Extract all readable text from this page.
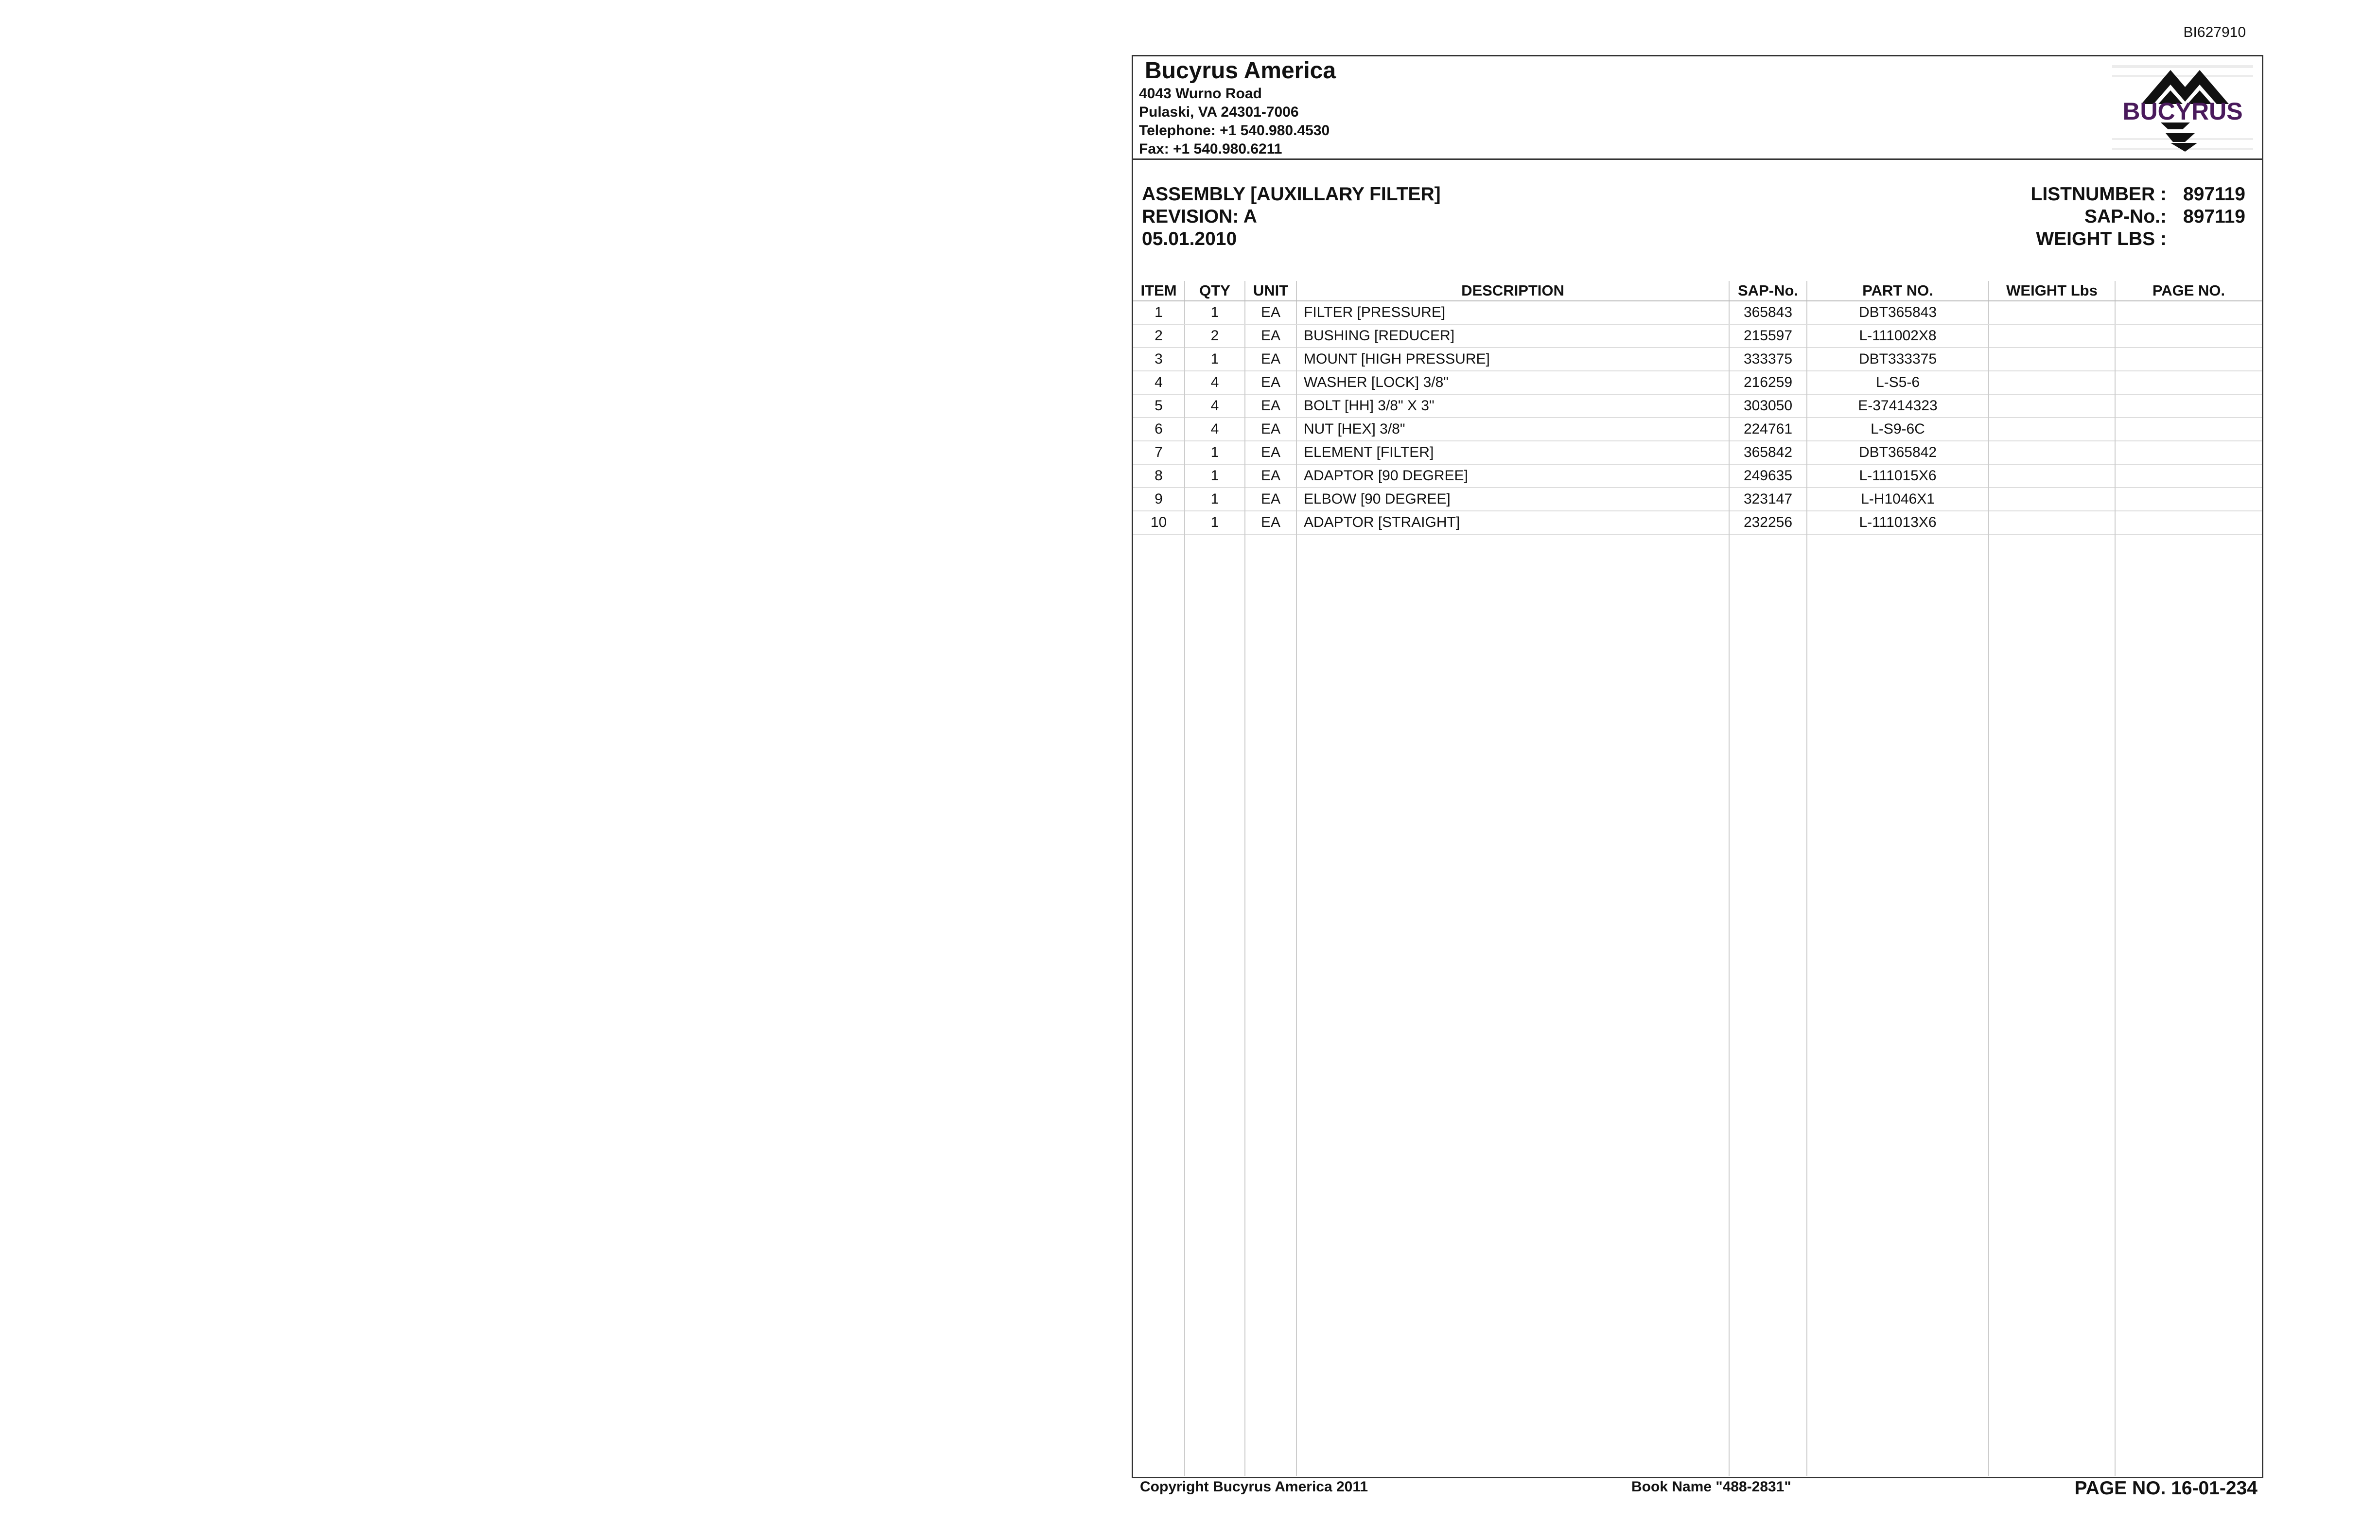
BI627910
Bucyrus America
4043 Wurno Road
Pulaski, VA 24301-7006
Telephone: +1 540.980.4530
Fax: +1 540.980.6211
BUCYRUS
ASSEMBLY [AUXILLARY FILTER]
REVISION: A
05.01.2010
LISTNUMBER : 897119
SAP-No.: 897119
WEIGHT LBS :
ITEM	QTY	UNIT	DESCRIPTION	SAP-No.	PART NO.	WEIGHT Lbs	PAGE NO.
1	1	EA	FILTER [PRESSURE]	365843	DBT365843		
2	2	EA	BUSHING [REDUCER]	215597	L-111002X8		
3	1	EA	MOUNT [HIGH PRESSURE]	333375	DBT333375		
4	4	EA	WASHER [LOCK] 3/8"	216259	L-S5-6		
5	4	EA	BOLT [HH] 3/8" X 3"	303050	E-37414323		
6	4	EA	NUT [HEX] 3/8"	224761	L-S9-6C		
7	1	EA	ELEMENT [FILTER]	365842	DBT365842		
8	1	EA	ADAPTOR [90 DEGREE]	249635	L-111015X6		
9	1	EA	ELBOW [90 DEGREE]	323147	L-H1046X1		
10	1	EA	ADAPTOR [STRAIGHT]	232256	L-111013X6		
Copyright Bucyrus America 2011	Book Name "488-2831"	PAGE NO. 16-01-234
